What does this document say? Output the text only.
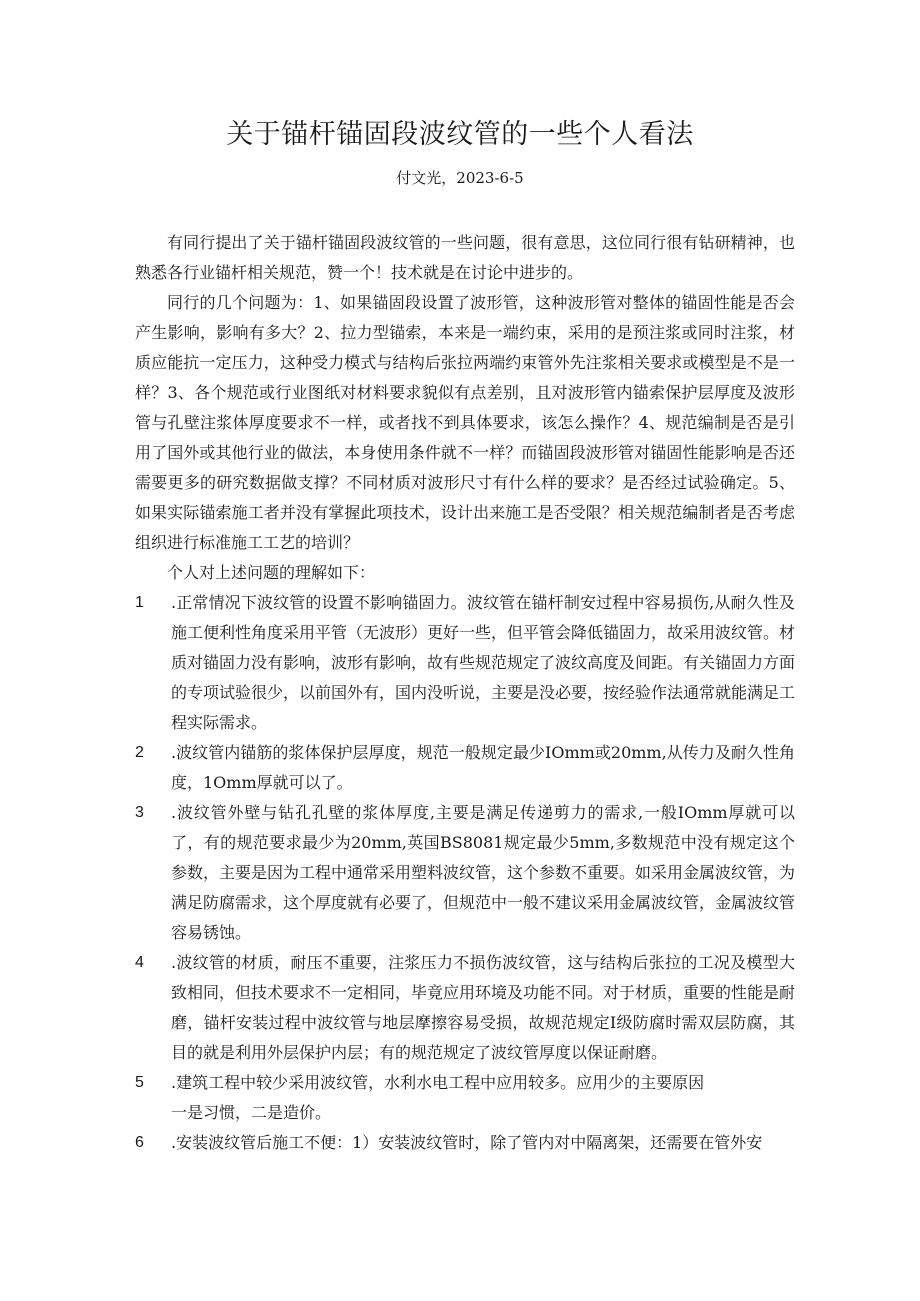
关于锚杆锚固段波纹管的一些个人看法

付文光，2023-6-5

有同行提出了关于锚杆锚固段波纹管的一些问题，很有意思，这位同行很有钻研精神，也熟悉各行业锚杆相关规范，赞一个！技术就是在讨论中进步的。

同行的几个问题为：1、如果锚固段设置了波形管，这种波形管对整体的锚固性能是否会产生影响，影响有多大？2、拉力型锚索，本来是一端约束，采用的是预注浆或同时注浆，材质应能抗一定压力，这种受力模式与结构后张拉两端约束管外先注浆相关要求或模型是不是一样？3、各个规范或行业图纸对材料要求貌似有点差别，且对波形管内锚索保护层厚度及波形管与孔壁注浆体厚度要求不一样，或者找不到具体要求，该怎么操作？4、规范编制是否是引用了国外或其他行业的做法，本身使用条件就不一样？而锚固段波形管对锚固性能影响是否还需要更多的研究数据做支撑？不同材质对波形尺寸有什么样的要求？是否经过试验确定。5、如果实际锚索施工者并没有掌握此项技术，设计出来施工是否受限？相关规范编制者是否考虑组织进行标准施工工艺的培训？

个人对上述问题的理解如下：

1	.正常情况下波纹管的设置不影响锚固力。波纹管在锚杆制安过程中容易损伤,从耐久性及施工便利性角度采用平管（无波形）更好一些，但平管会降低锚固力，故采用波纹管。材质对锚固力没有影响，波形有影响，故有些规范规定了波纹高度及间距。有关锚固力方面的专项试验很少，以前国外有，国内没听说，主要是没必要，按经验作法通常就能满足工程实际需求。
2	.波纹管内锚筋的浆体保护层厚度，规范一般规定最少IOmm或20mm,从传力及耐久性角度，1Omm厚就可以了。
3	.波纹管外壁与钻孔孔壁的浆体厚度,主要是满足传递剪力的需求,一般IOmm厚就可以了，有的规范要求最少为20mm,英国BS8081规定最少5mm,多数规范中没有规定这个参数，主要是因为工程中通常采用塑料波纹管，这个参数不重要。如采用金属波纹管，为满足防腐需求，这个厚度就有必要了，但规范中一般不建议采用金属波纹管，金属波纹管容易锈蚀。
4	.波纹管的材质，耐压不重要，注浆压力不损伤波纹管，这与结构后张拉的工况及模型大致相同，但技术要求不一定相同，毕竟应用环境及功能不同。对于材质，重要的性能是耐磨，锚杆安装过程中波纹管与地层摩擦容易受损，故规范规定I级防腐时需双层防腐，其目的就是利用外层保护内层；有的规范规定了波纹管厚度以保证耐磨。
5	.建筑工程中较少采用波纹管，水利水电工程中应用较多。应用少的主要原因
一是习惯，二是造价。
6	.安装波纹管后施工不便：1）安装波纹管时，除了管内对中隔离架，还需要在管外安
